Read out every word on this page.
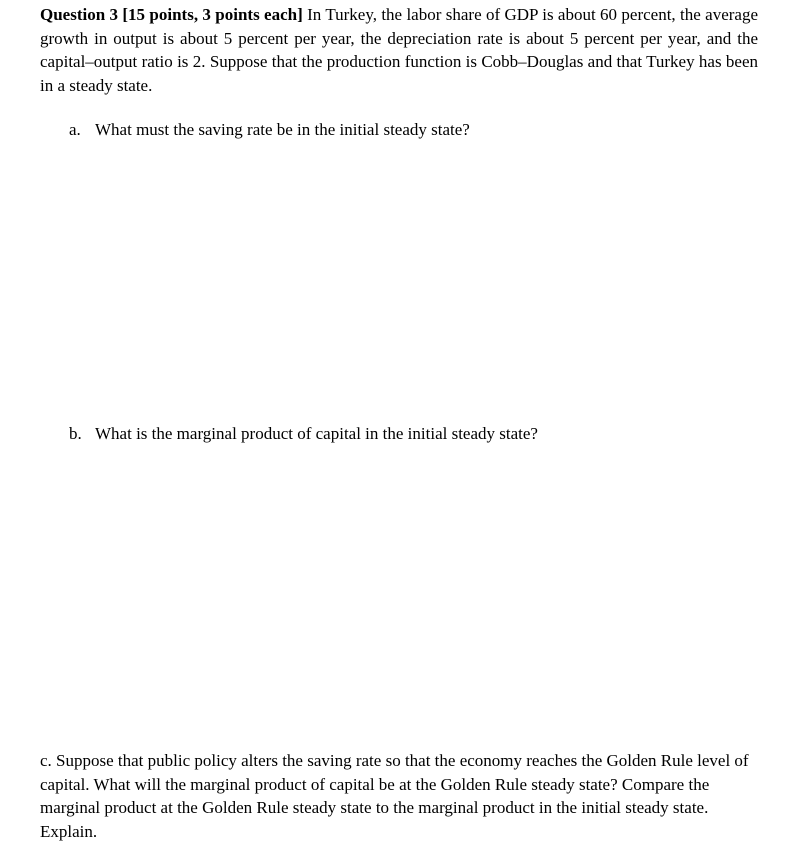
Question 3 [15 points, 3 points each] In Turkey, the labor share of GDP is about 60 percent, the average growth in output is about 5 percent per year, the depreciation rate is about 5 percent per year, and the capital–output ratio is 2. Suppose that the production function is Cobb–Douglas and that Turkey has been in a steady state.

a. What must the saving rate be in the initial steady state?

b. What is the marginal product of capital in the initial steady state?

c. Suppose that public policy alters the saving rate so that the economy reaches the Golden Rule level of capital. What will the marginal product of capital be at the Golden Rule steady state? Compare the marginal product at the Golden Rule steady state to the marginal product in the initial steady state. Explain.
